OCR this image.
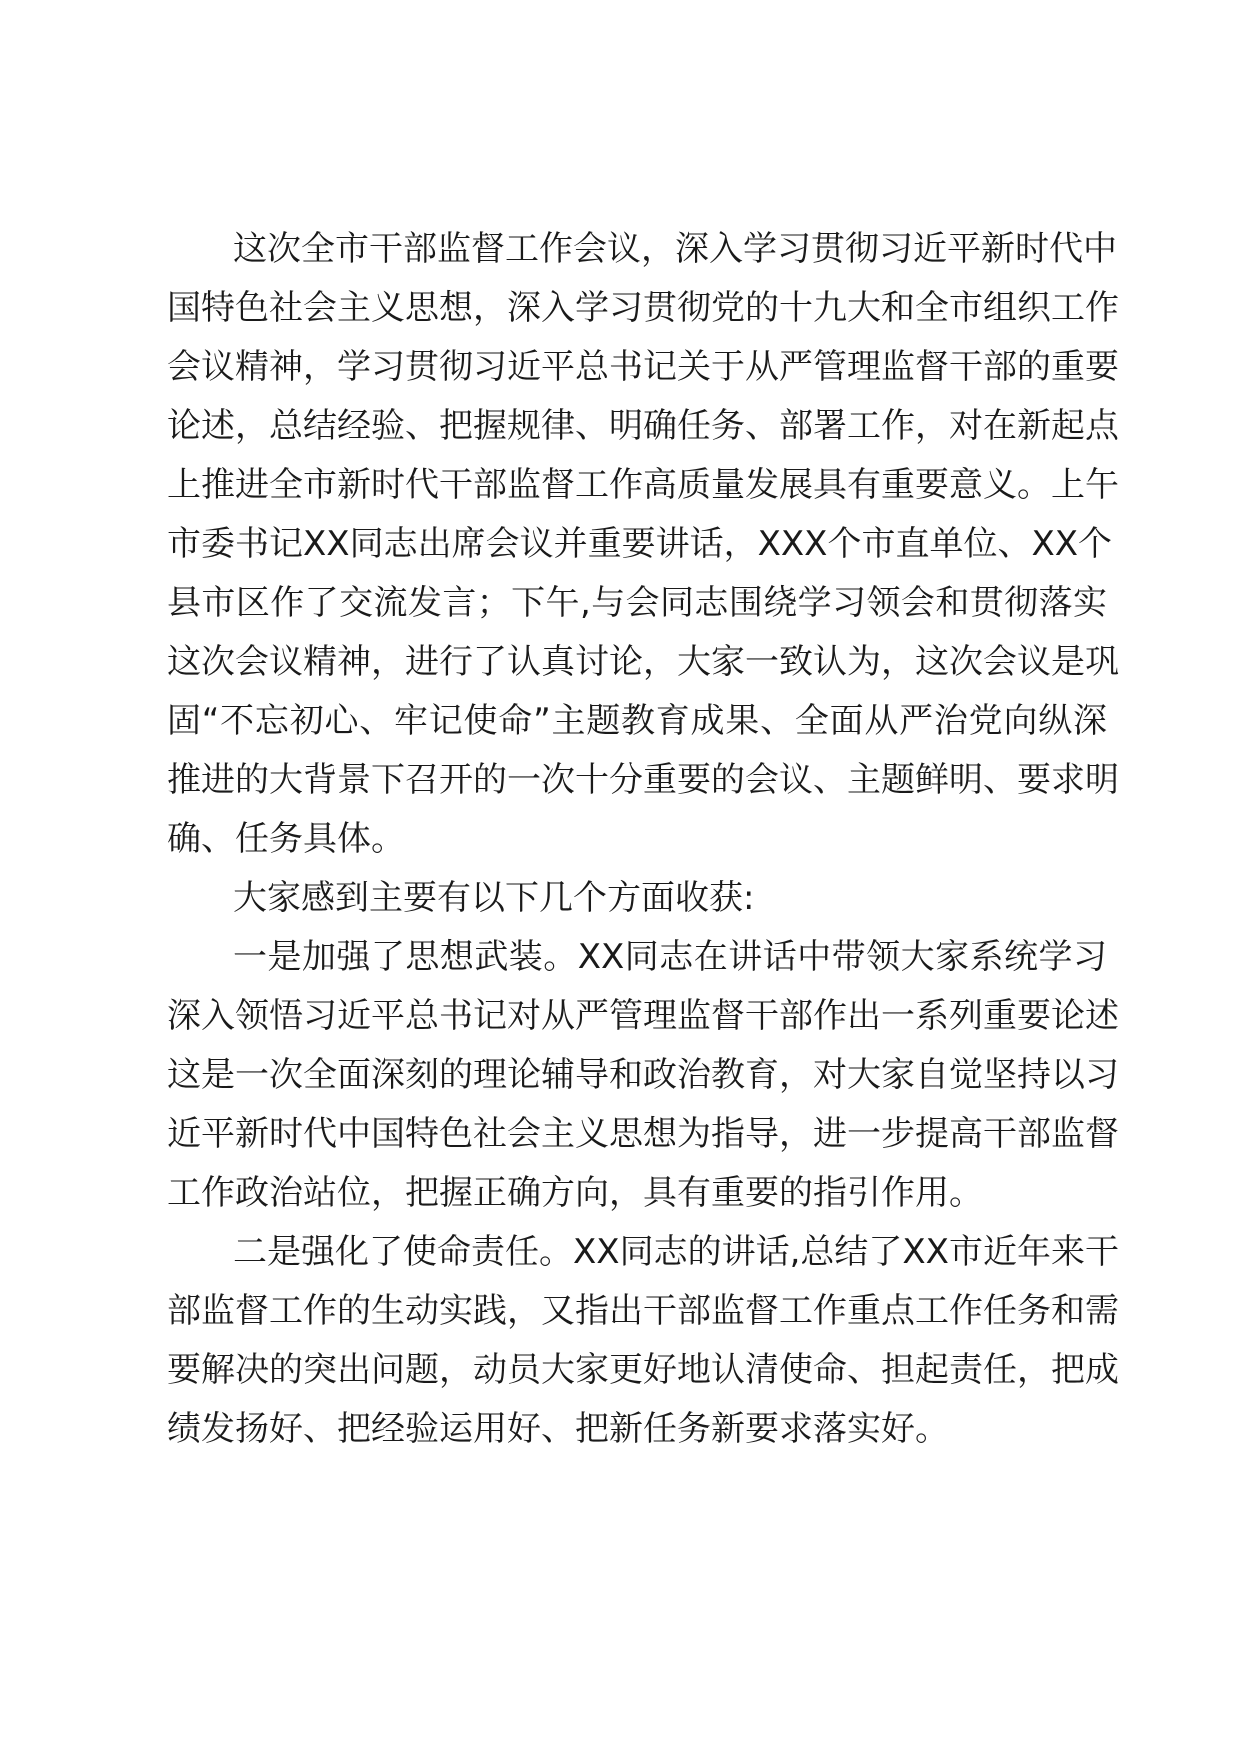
这次全市干部监督工作会议，深入学习贯彻习近平新时代中
国特色社会主义思想，深入学习贯彻党的十九大和全市组织工作
会议精神，学习贯彻习近平总书记关于从严管理监督干部的重要
论述，总结经验、把握规律、明确任务、部署工作，对在新起点
上推进全市新时代干部监督工作高质量发展具有重要意义。上午
市委书记XX同志出席会议并重要讲话，XXX个市直单位、XX个
县市区作了交流发言；下午,与会同志围绕学习领会和贯彻落实
这次会议精神，进行了认真讨论，大家一致认为，这次会议是巩
固“不忘初心、牢记使命”主题教育成果、全面从严治党向纵深
推进的大背景下召开的一次十分重要的会议、主题鲜明、要求明
确、任务具体。
大家感到主要有以下几个方面收获:
一是加强了思想武装。XX同志在讲话中带领大家系统学习
深入领悟习近平总书记对从严管理监督干部作出一系列重要论述
这是一次全面深刻的理论辅导和政治教育，对大家自觉坚持以习
近平新时代中国特色社会主义思想为指导，进一步提高干部监督
工作政治站位，把握正确方向，具有重要的指引作用。
二是强化了使命责任。XX同志的讲话,总结了XX市近年来干
部监督工作的生动实践，又指出干部监督工作重点工作任务和需
要解决的突出问题，动员大家更好地认清使命、担起责任，把成
绩发扬好、把经验运用好、把新任务新要求落实好。
